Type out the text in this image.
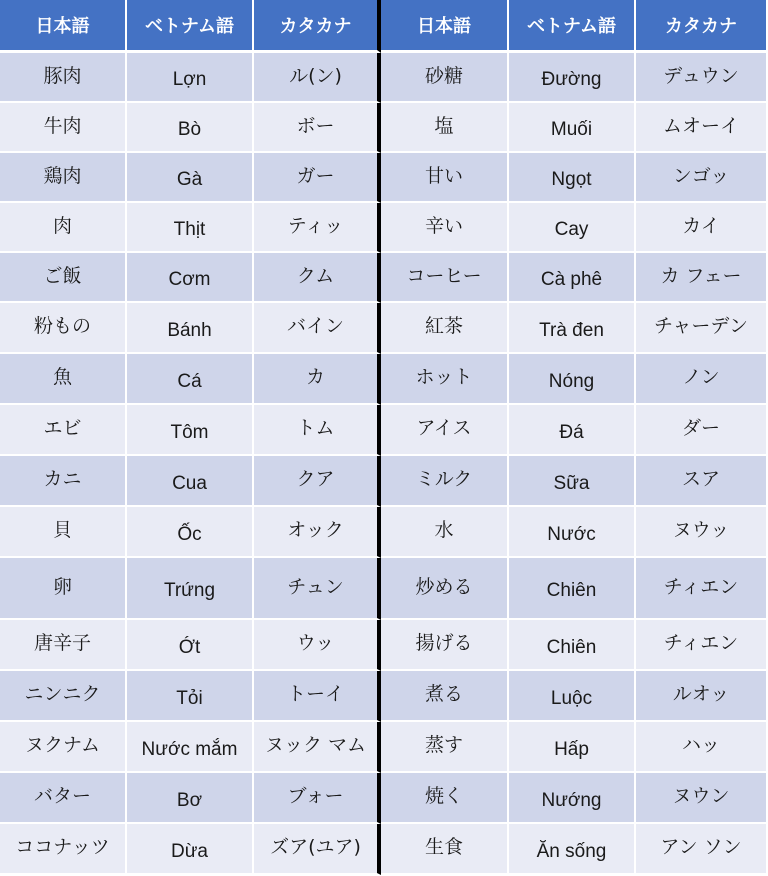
日本語	ベトナム語	カタカナ	日本語	ベトナム語	カタカナ
豚肉	Lợn	ル(ン)	砂糖	Đường	デュウン
牛肉	Bò	ボー	塩	Muối	ムオーイ
鶏肉	Gà	ガー	甘い	Ngọt	ンゴッ
肉	Thịt	ティッ	辛い	Cay	カイ
ご飯	Cơm	クム	コーヒー	Cà phê	カ フェー
粉もの	Bánh	バイン	紅茶	Trà đen	チャーデン
魚	Cá	カ	ホット	Nóng	ノン
エビ	Tôm	トム	アイス	Đá	ダー
カニ	Cua	クア	ミルク	Sữa	スア
貝	Ốc	オック	水	Nước	ヌウッ
卵	Trứng	チュン	炒める	Chiên	チィエン
唐辛子	Ớt	ウッ	揚げる	Chiên	チィエン
ニンニク	Tỏi	トーイ	煮る	Luộc	ルオッ
ヌクナム	Nước mắm	ヌック マム	蒸す	Hấp	ハッ
バター	Bơ	ブォー	焼く	Nướng	ヌウン
ココナッツ	Dừa	ズア(ユア)	生食	Ăn sống	アン ソン
